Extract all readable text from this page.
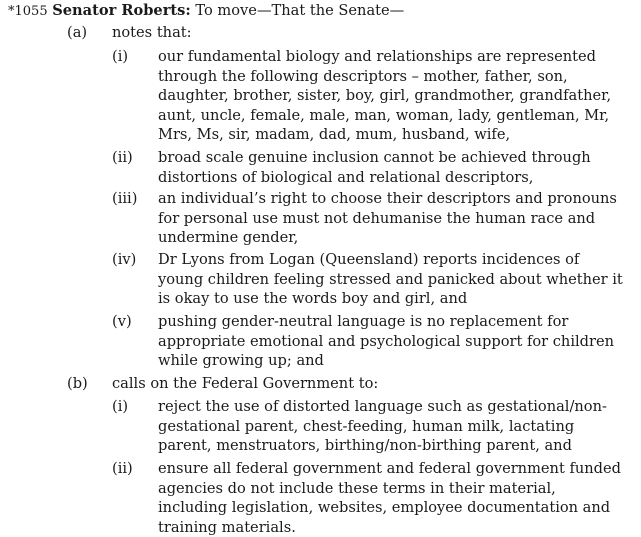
*1055 Senator Roberts: To move—That the Senate—
(a) notes that:
(i) our fundamental biology and relationships are represented through the following descriptors – mother, father, son, daughter, brother, sister, boy, girl, grandmother, grandfather, aunt, uncle, female, male, man, woman, lady, gentleman, Mr, Mrs, Ms, sir, madam, dad, mum, husband, wife,
(ii) broad scale genuine inclusion cannot be achieved through distortions of biological and relational descriptors,
(iii) an individual’s right to choose their descriptors and pronouns for personal use must not dehumanise the human race and undermine gender,
(iv) Dr Lyons from Logan (Queensland) reports incidences of young children feeling stressed and panicked about whether it is okay to use the words boy and girl, and
(v) pushing gender-neutral language is no replacement for appropriate emotional and psychological support for children while growing up; and
(b) calls on the Federal Government to:
(i) reject the use of distorted language such as gestational/non-gestational parent, chest-feeding, human milk, lactating parent, menstruators, birthing/non-birthing parent, and
(ii) ensure all federal government and federal government funded agencies do not include these terms in their material, including legislation, websites, employee documentation and training materials.
